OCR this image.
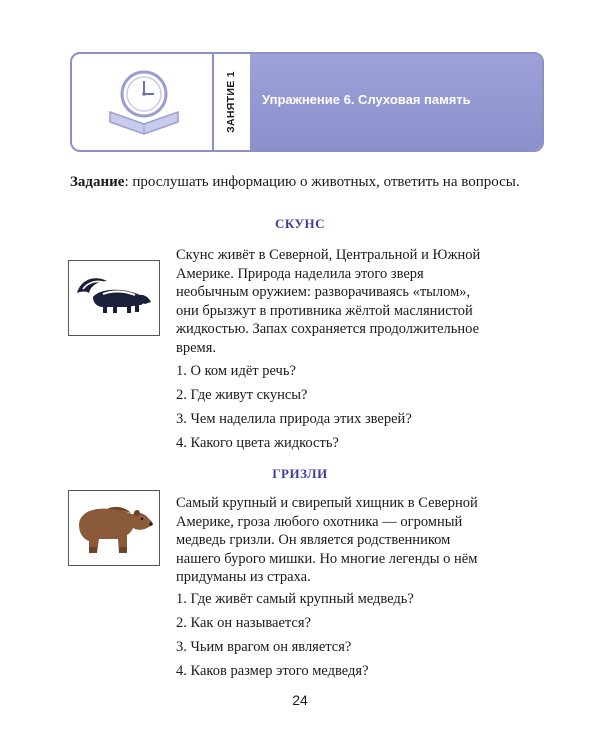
ЗАНЯТИЕ 1 Упражнение 6. Слуховая память
Задание: прослушать информацию о животных, ответить на вопросы.
СКУНС
Скунс живёт в Северной, Центральной и Южной
Америке. Природа наделила этого зверя
необычным оружием: разворачиваясь «тылом»,
они брызжут в противника жёлтой маслянистой
жидкостью. Запах сохраняется продолжительное
время.
1. О ком идёт речь?
2. Где живут скунсы?
3. Чем наделила природа этих зверей?
4. Какого цвета жидкость?
ГРИЗЛИ
Самый крупный и свирепый хищник в Северной
Америке, гроза любого охотника — огромный
медведь гризли. Он является родственником
нашего бурого мишки. Но многие легенды о нём
придуманы из страха.
1. Где живёт самый крупный медведь?
2. Как он называется?
3. Чьим врагом он является?
4. Каков размер этого медведя?
24
